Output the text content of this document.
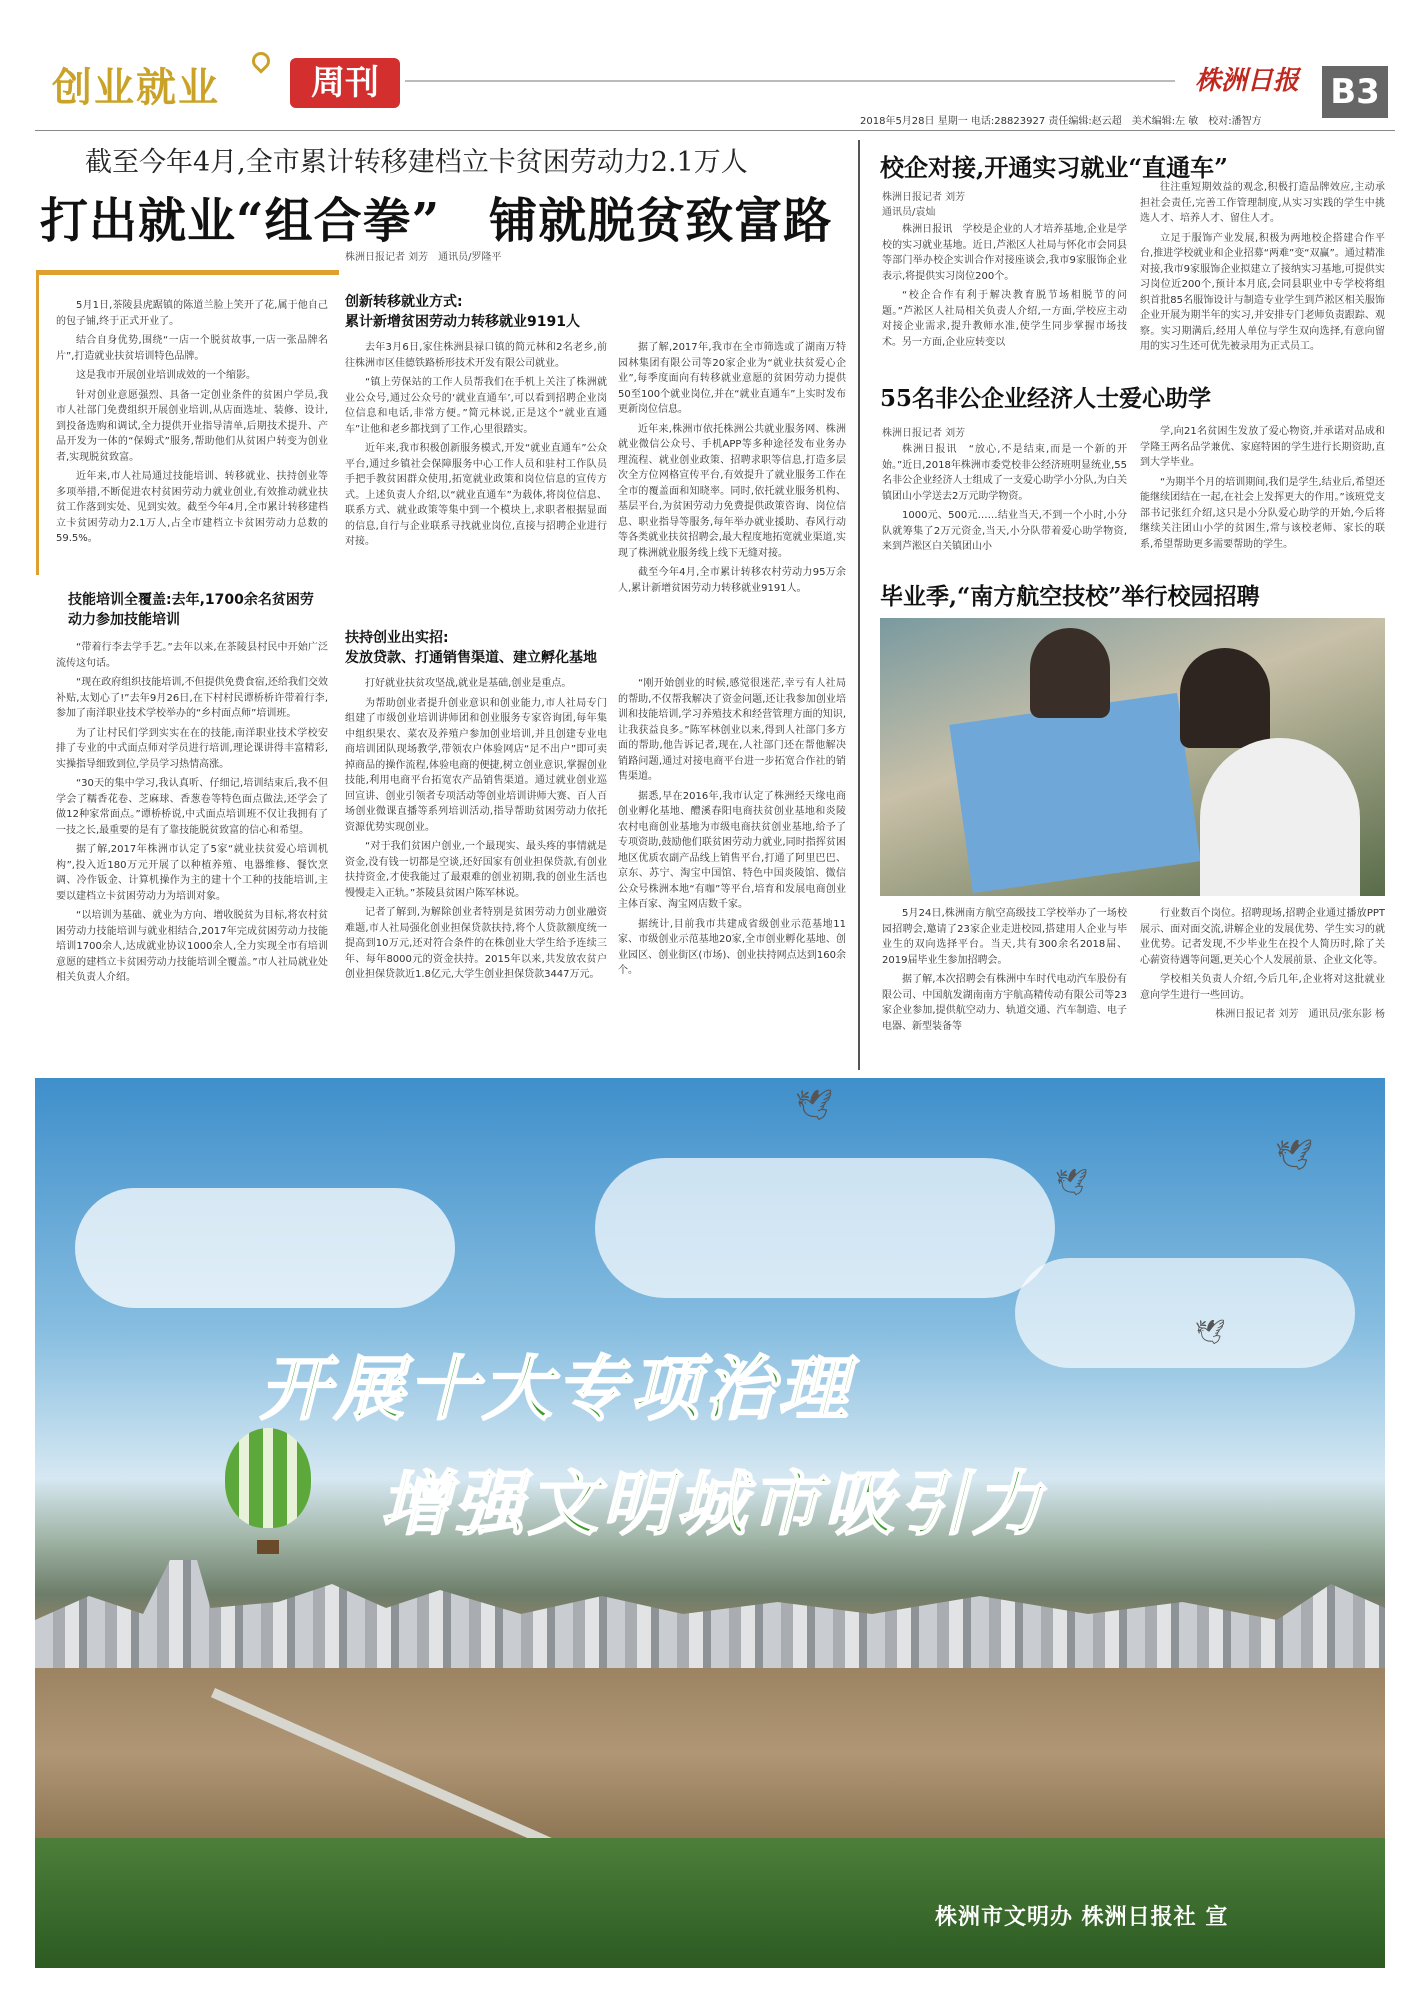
创业就业	周刊	株洲日报 B3
2018年5月28日 星期一 电话:28823927 责任编辑:赵云超　美术编辑:左 敏　校对:潘智方
截至今年4月,全市累计转移建档立卡贫困劳动力2.1万人
打出就业“组合拳”　铺就脱贫致富路
株洲日报记者 刘芳　通讯员/罗隆平

5月1日,茶陵县虎踞镇的陈道兰脸上笑开了花,属于他自己的包子铺,终于正式开业了。

结合自身优势,围绕“一店一个脱贫故事,一店一张品牌名片”,打造就业扶贫培训特色品牌。

这是我市开展创业培训成效的一个缩影。

针对创业意愿强烈、具备一定创业条件的贫困户学员,我市人社部门免费组织开展创业培训,从店面选址、装修、设计,到投备选购和调试,全力提供开业指导清单,后期技术提升、产品开发为一体的“保姆式”服务,帮助他们从贫困户转变为创业者,实现脱贫致富。

近年来,市人社局通过技能培训、转移就业、扶持创业等多项举措,不断促进农村贫困劳动力就业创业,有效推动就业扶贫工作落到实处、见到实效。截至今年4月,全市累计转移建档立卡贫困劳动力2.1万人,占全市建档立卡贫困劳动力总数的59.5%。

技能培训全覆盖:去年,1700余名贫困劳动力参加技能培训

“带着行李去学手艺。”去年以来,在茶陵县村民中开始广泛流传这句话。

“现在政府组织技能培训,不但提供免费食宿,还给我们交效补贴,太划心了!”去年9月26日,在下村村民谭桥桥许带着行李,参加了南洋职业技术学校举办的“乡村面点师”培训班。

为了让村民们学到实实在在的技能,南洋职业技术学校安排了专业的中式面点师对学员进行培训,理论课讲得丰富精彩,实操指导细致到位,学员学习热情高涨。

“30天的集中学习,我认真听、仔细记,培训结束后,我不但学会了糯香花卷、芝麻球、香葱卷等特色面点做法,还学会了做12种家常面点。”谭桥桥说,中式面点培训班不仅让我拥有了一技之长,最重要的是有了靠技能脱贫致富的信心和希望。

据了解,2017年株洲市认定了5家“就业扶贫爱心培训机构”,投入近180万元开展了以种植养殖、电器维修、餐饮烹调、冷作钣金、计算机操作为主的建十个工种的技能培训,主要以建档立卡贫困劳动力为培训对象。

“以培训为基础、就业为方向、增收脱贫为目标,将农村贫困劳动力技能培训与就业相结合,2017年完成贫困劳动力技能培训1700余人,达成就业协议1000余人,全力实现全市有培训意愿的建档立卡贫困劳动力技能培训全覆盖。”市人社局就业处相关负责人介绍。

创新转移就业方式:
累计新增贫困劳动力转移就业9191人

去年3月6日,家住株洲县禄口镇的简元林和2名老乡,前往株洲市区佳德铁路桥形技术开发有限公司就业。

“镇上劳保站的工作人员帮我们在手机上关注了株洲就业公众号,通过公众号的‘就业直通车’,可以看到招聘企业岗位信息和电话,非常方便。”简元林说,正是这个“就业直通车”让他和老乡都找到了工作,心里很踏实。

近年来,我市积极创新服务模式,开发“就业直通车”公众平台,通过乡镇社会保障服务中心工作人员和驻村工作队员手把手教贫困群众使用,拓宽就业政策和岗位信息的宣传方式。上述负责人介绍,以“就业直通车”为载体,将岗位信息、联系方式、就业政策等集中到一个模块上,求职者根据显面的信息,自行与企业联系寻找就业岗位,直接与招聘企业进行对接。

据了解,2017年,我市在全市筛选或了湖南万特园林集团有限公司等20家企业为“就业扶贫爱心企业”,每季度面向有转移就业意愿的贫困劳动力提供50至100个就业岗位,并在“就业直通车”上实时发布更新岗位信息。

近年来,株洲市依托株洲公共就业服务网、株洲就业微信公众号、手机APP等多种途径发布业务办理流程、就业创业政策、招聘求职等信息,打造多层次全方位网格宣传平台,有效提升了就业服务工作在全市的覆盖面和知晓率。同时,依托就业服务机构、基层平台,为贫困劳动力免费提供政策咨询、岗位信息、职业指导等服务,每年举办就业援助、春风行动等各类就业扶贫招聘会,最大程度地拓宽就业渠道,实现了株洲就业服务线上线下无缝对接。

截至今年4月,全市累计转移农村劳动力95万余人,累计新增贫困劳动力转移就业9191人。

扶持创业出实招:
发放贷款、打通销售渠道、建立孵化基地

打好就业扶贫攻坚战,就业是基础,创业是重点。

为帮助创业者提升创业意识和创业能力,市人社局专门组建了市级创业培训讲师团和创业服务专家咨询团,每年集中组织果农、菜农及养殖户参加创业培训,并且创建专业电商培训团队现场教学,带领农户体验网店“足不出户”即可卖掉商品的操作流程,体验电商的便捷,树立创业意识,掌握创业技能,利用电商平台拓宽农产品销售渠道。通过就业创业巡回宣讲、创业引领者专项活动等创业培训讲师大赛、百人百场创业微课直播等系列培训活动,指导帮助贫困劳动力依托资源优势实现创业。

“对于我们贫困户创业,一个最现实、最头疼的事情就是资金,没有钱一切都是空谈,还好国家有创业担保贷款,有创业扶持资金,才使我能过了最艰难的创业初期,我的创业生活也慢慢走入正轨。”茶陵县贫困户陈军林说。

记者了解到,为解除创业者特别是贫困劳动力创业融资难题,市人社局强化创业担保贷款扶持,将个人贷款额度统一提高到10万元,还对符合条件的在株创业大学生给予连续三年、每年8000元的资金扶持。2015年以来,共发放农贫户创业担保贷款近1.8亿元,大学生创业担保贷款3447万元。

“刚开始创业的时候,感觉很迷茫,幸亏有人社局的帮助,不仅帮我解决了资金问题,还让我参加创业培训和技能培训,学习养殖技术和经营管理方面的知识,让我获益良多。”陈军林创业以来,得到人社部门多方面的帮助,他告诉记者,现在,人社部门还在帮他解决销路问题,通过对接电商平台进一步拓宽合作社的销售渠道。

据悉,早在2016年,我市认定了株洲经天缘电商创业孵化基地、醴溪春阳电商扶贫创业基地和炎陵农村电商创业基地为市级电商扶贫创业基地,给予了专项资助,鼓励他们联贫困劳动力就业,同时指挥贫困地区优质农副产品线上销售平台,打通了阿里巴巴、京东、苏宁、淘宝中国馆、特色中国炎陵馆、微信公众号株洲本地“有咖”等平台,培育和发展电商创业主体百家、淘宝网店数千家。

据统计,目前我市共建成省级创业示范基地11家、市级创业示范基地20家,全市创业孵化基地、创业园区、创业街区(市场)、创业扶持网点达到160余个。

校企对接,开通实习就业“直通车”
株洲日报记者 刘芳
通讯员/袁灿

株洲日报讯　学校是企业的人才培养基地,企业是学校的实习就业基地。近日,芦淞区人社局与怀化市会同县等部门举办校企实训合作对接座谈会,我市9家服饰企业表示,将提供实习岗位200个。

“校企合作有利于解决教育脱节场相脱节的问题。”芦淞区人社局相关负责人介绍,一方面,学校应主动对接企业需求,提升教师水准,使学生同步掌握市场技术。另一方面,企业应转变以

往注重短期效益的观念,积极打造品牌效应,主动承担社会责任,完善工作管理制度,从实习实践的学生中挑选人才、培养人才、留住人才。

立足于服饰产业发展,积极为两地校企搭建合作平台,推进学校就业和企业招募“两难”变“双赢”。通过精准对接,我市9家服饰企业拟建立了接纳实习基地,可提供实习岗位近200个,预计本月底,会同县职业中专学校将组织首批85名服饰设计与制造专业学生到芦淞区相关服饰企业开展为期半年的实习,并安排专门老师负责跟踪、观察。实习期满后,经用人单位与学生双向选择,有意向留用的实习生还可优先被录用为正式员工。

55名非公企业经济人士爱心助学
株洲日报记者 刘芳

株洲日报讯　“放心,不是结束,而是一个新的开始。”近日,2018年株洲市委党校非公经济班明显统业,55名非公企业经济人士组成了一支爱心助学小分队,为白关镇团山小学送去2万元助学物资。

1000元、500元……结业当天,不到一个小时,小分队就筹集了2万元资金,当天,小分队带着爱心助学物资,来到芦淞区白关镇团山小

学,向21名贫困生发放了爱心物资,并承诺对品成和学隆王两名品学兼优、家庭特困的学生进行长期资助,直到大学毕业。

“为期半个月的培训期间,我们是学生,结业后,希望还能继续团结在一起,在社会上发挥更大的作用。”该班党支部书记张红介绍,这只是小分队爱心助学的开始,今后将继续关注团山小学的贫困生,常与该校老师、家长的联系,希望帮助更多需要帮助的学生。

毕业季,“南方航空技校”举行校园招聘

5月24日,株洲南方航空高级技工学校举办了一场校园招聘会,邀请了23家企业走进校园,搭建用人企业与毕业生的双向选择平台。当天,共有300余名2018届、2019届毕业生参加招聘会。

据了解,本次招聘会有株洲中车时代电动汽车股份有限公司、中国航发湖南南方宇航高精传动有限公司等23家企业参加,提供航空动力、轨道交通、汽车制造、电子电器、新型装备等

行业数百个岗位。招聘现场,招聘企业通过播放PPT展示、面对面交流,讲解企业的发展优势、学生实习的就业优势。记者发现,不少毕业生在投个人简历时,除了关心薪资待遇等问题,更关心个人发展前景、企业文化等。

学校相关负责人介绍,今后几年,企业将对这批就业意向学生进行一些回访。

株洲日报记者 刘芳　通讯员/张东影 杨
🕊
🕊
🕊
🕊
开展十大专项治理
增强文明城市吸引力
株洲市文明办 株洲日报社 宣
